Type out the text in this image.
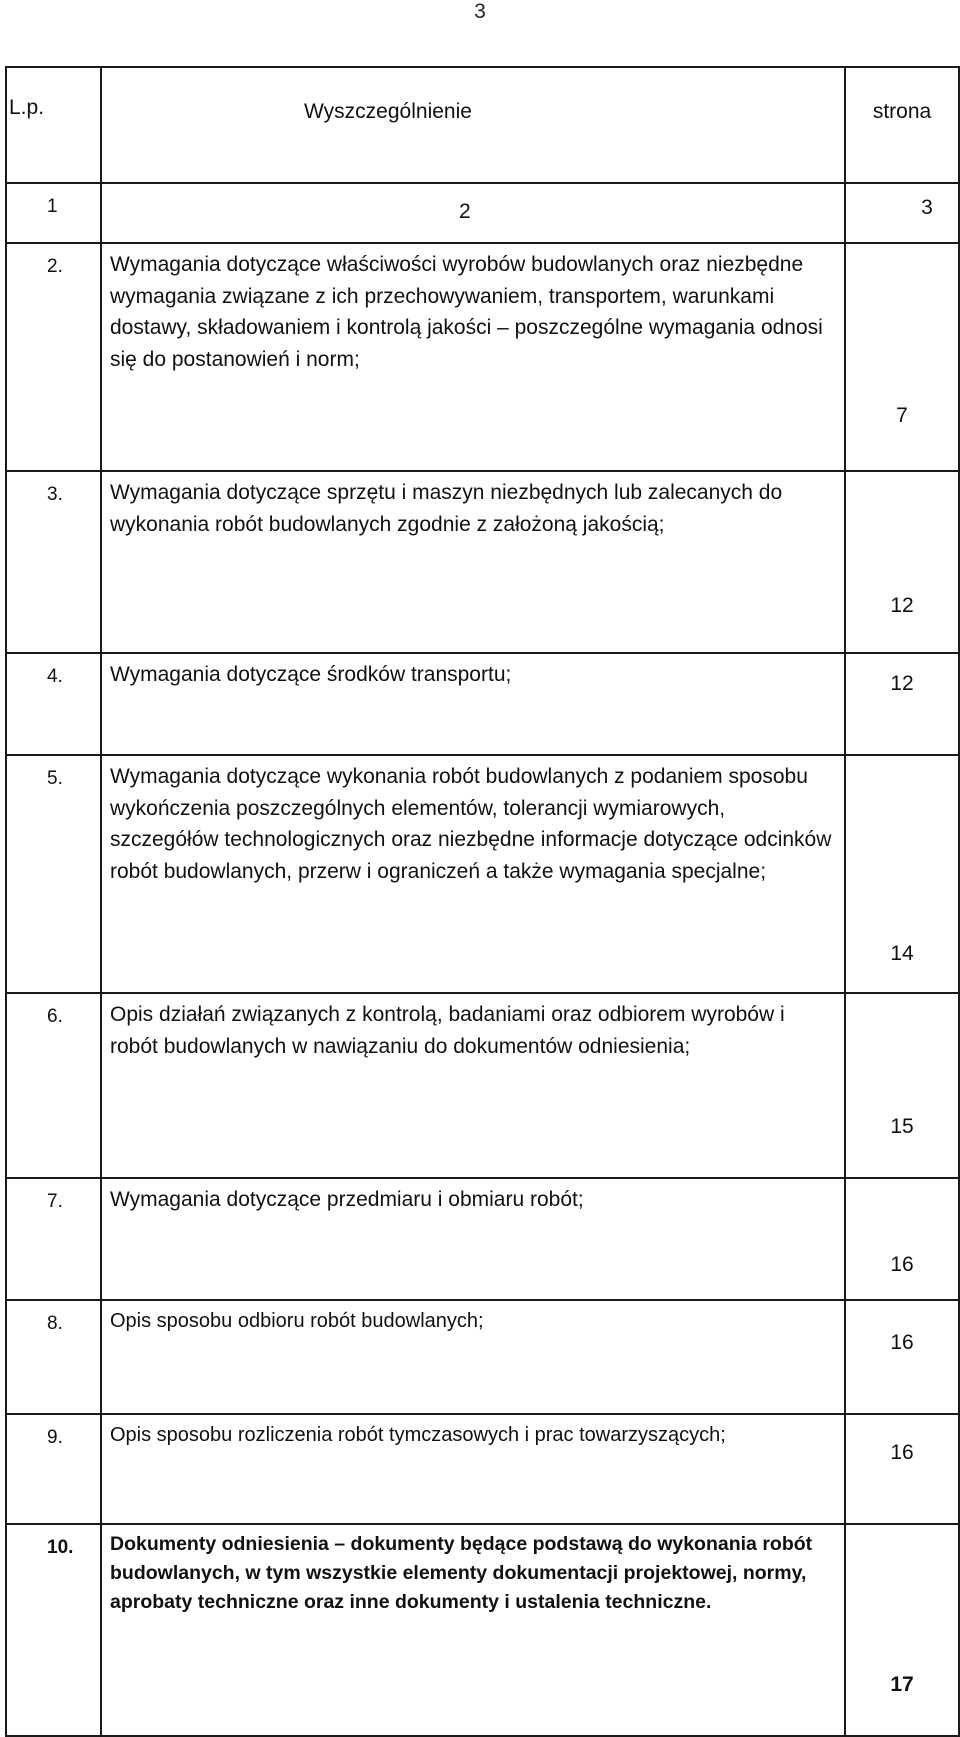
3
L.p.	Wyszczególnienie	strona
1	2	3
2.	Wymagania dotyczące właściwości wyrobów budowlanych oraz niezbędne wymagania związane z ich przechowywaniem, transportem, warunkami dostawy, składowaniem i kontrolą jakości – poszczególne wymagania odnosi się do postanowień i norm;	7
3.	Wymagania dotyczące sprzętu i maszyn niezbędnych lub zalecanych do wykonania robót budowlanych zgodnie z założoną jakością;	12
4.	Wymagania dotyczące środków transportu;	12
5.	Wymagania dotyczące wykonania robót budowlanych z podaniem sposobu wykończenia poszczególnych elementów, tolerancji wymiarowych, szczegółów technologicznych oraz niezbędne informacje dotyczące odcinków robót budowlanych, przerw i ograniczeń a także wymagania specjalne;	14
6.	Opis działań związanych z kontrolą, badaniami oraz odbiorem wyrobów i robót budowlanych w nawiązaniu do dokumentów odniesienia;	15
7.	Wymagania dotyczące przedmiaru i obmiaru robót;	16
8.	Opis sposobu odbioru robót budowlanych;	16
9.	Opis sposobu rozliczenia robót tymczasowych i prac towarzyszących;	16
10.	Dokumenty odniesienia – dokumenty będące podstawą do wykonania robót budowlanych, w tym wszystkie elementy dokumentacji projektowej, normy, aprobaty techniczne oraz inne dokumenty i ustalenia techniczne.	17
